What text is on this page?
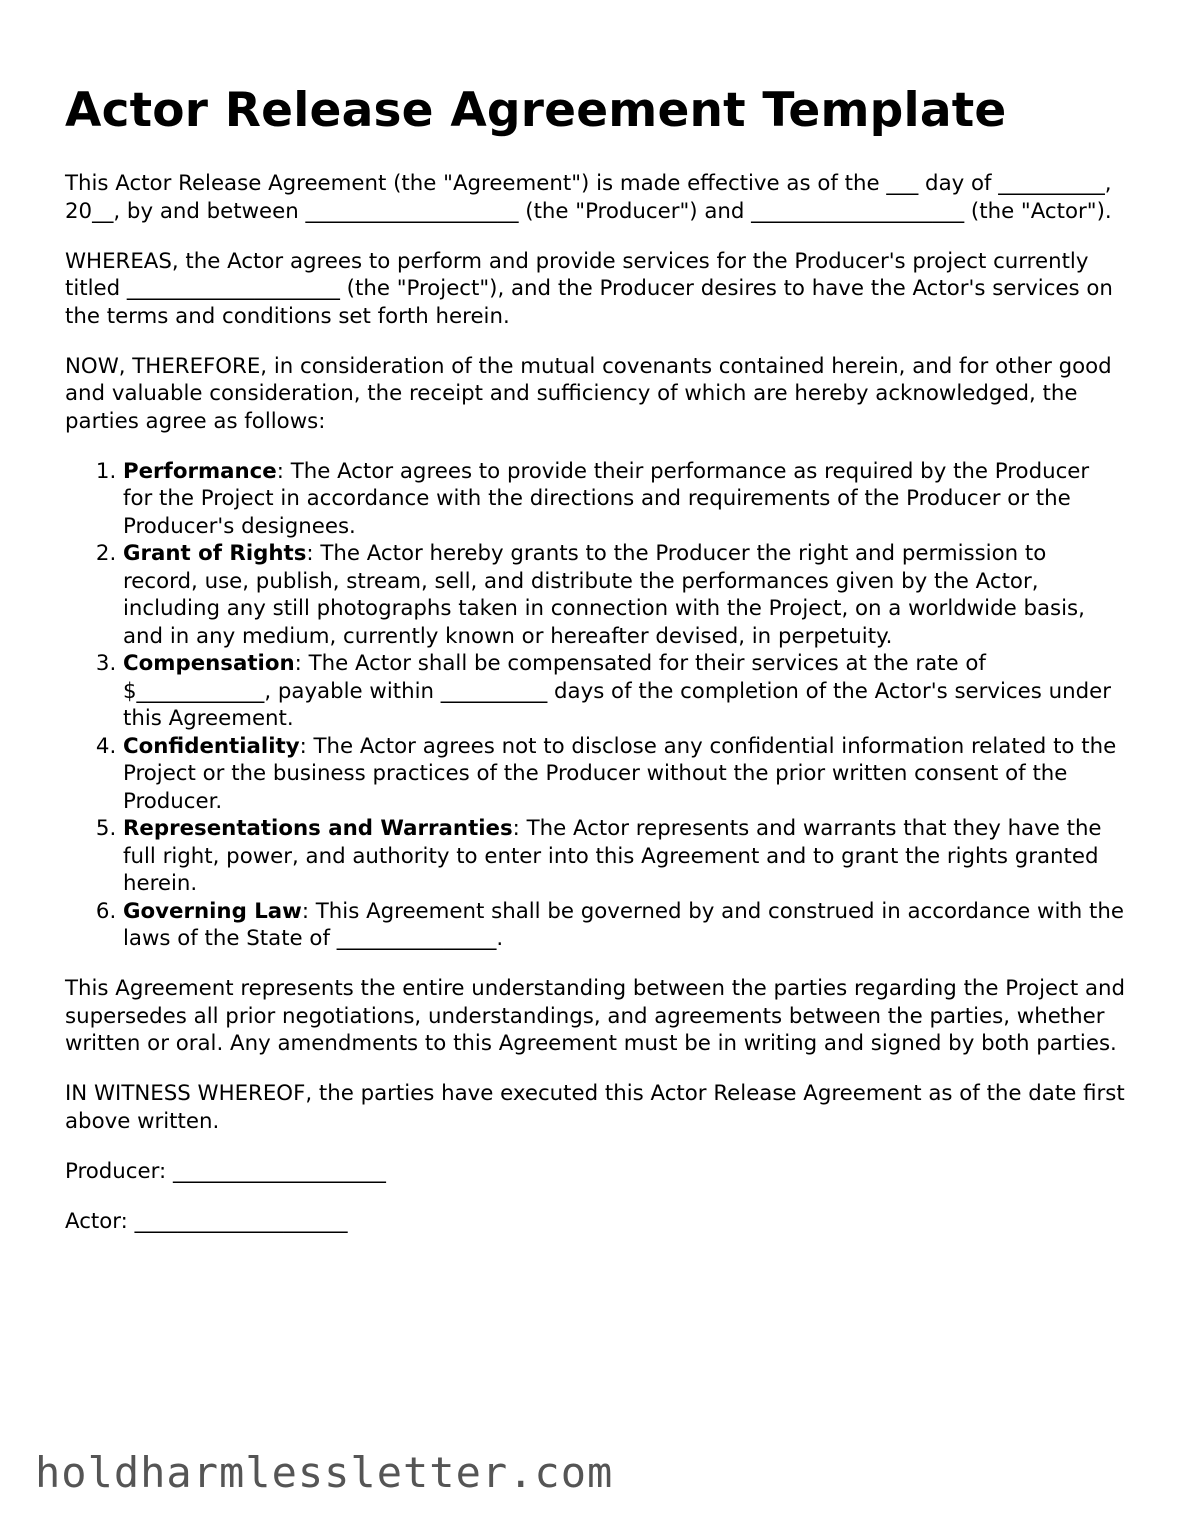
Actor Release Agreement Template

This Actor Release Agreement (the "Agreement") is made effective as of the ___ day of __________, 20__, by and between ____________________ (the "Producer") and ____________________ (the "Actor").

WHEREAS, the Actor agrees to perform and provide services for the Producer's project currently titled ____________________ (the "Project"), and the Producer desires to have the Actor's services on the terms and conditions set forth herein.

NOW, THEREFORE, in consideration of the mutual covenants contained herein, and for other good and valuable consideration, the receipt and sufficiency of which are hereby acknowledged, the parties agree as follows:

1. Performance: The Actor agrees to provide their performance as required by the Producer for the Project in accordance with the directions and requirements of the Producer or the Producer's designees.
2. Grant of Rights: The Actor hereby grants to the Producer the right and permission to record, use, publish, stream, sell, and distribute the performances given by the Actor, including any still photographs taken in connection with the Project, on a worldwide basis, and in any medium, currently known or hereafter devised, in perpetuity.
3. Compensation: The Actor shall be compensated for their services at the rate of $____________, payable within __________ days of the completion of the Actor's services under this Agreement.
4. Confidentiality: The Actor agrees not to disclose any confidential information related to the Project or the business practices of the Producer without the prior written consent of the Producer.
5. Representations and Warranties: The Actor represents and warrants that they have the full right, power, and authority to enter into this Agreement and to grant the rights granted herein.
6. Governing Law: This Agreement shall be governed by and construed in accordance with the laws of the State of _______________.

This Agreement represents the entire understanding between the parties regarding the Project and supersedes all prior negotiations, understandings, and agreements between the parties, whether written or oral. Any amendments to this Agreement must be in writing and signed by both parties.

IN WITNESS WHEREOF, the parties have executed this Actor Release Agreement as of the date first above written.

Producer: ____________________

Actor: ____________________

holdharmlessletter.com
